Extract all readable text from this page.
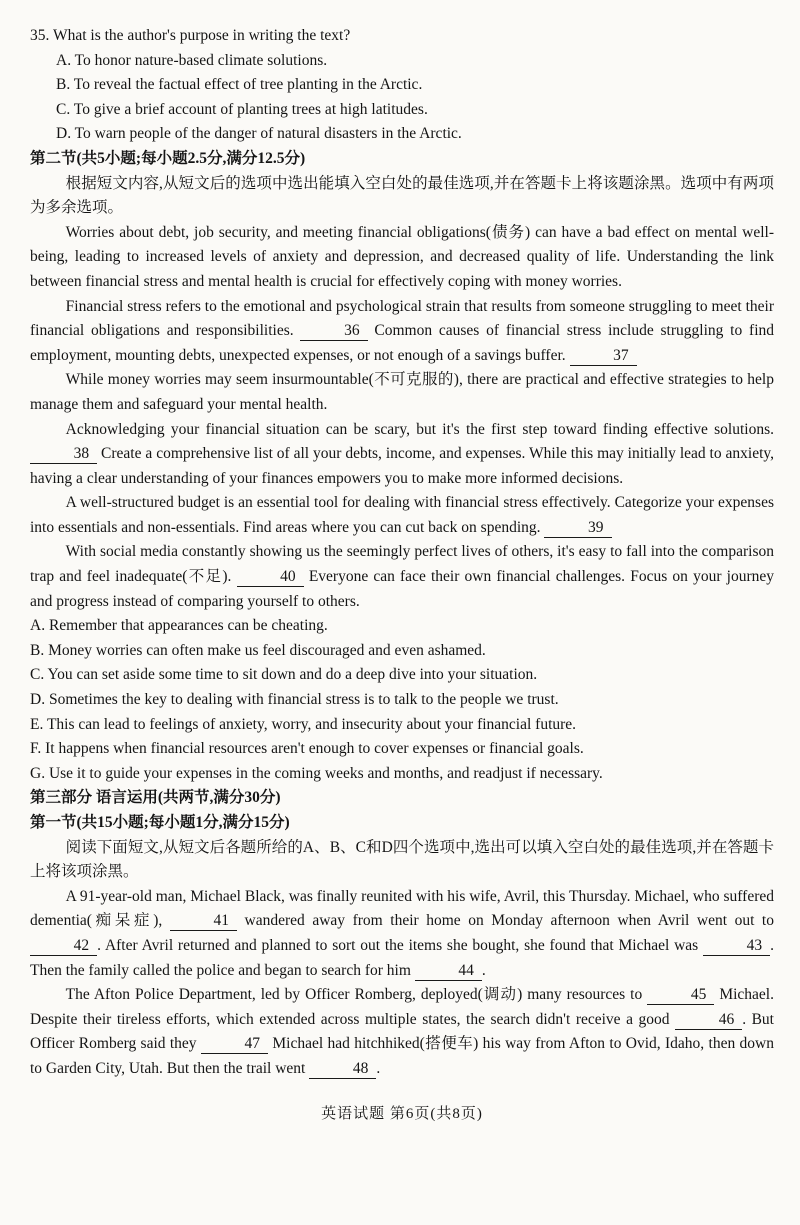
35. What is the author's purpose in writing the text?

A. To honor nature-based climate solutions.

B. To reveal the factual effect of tree planting in the Arctic.

C. To give a brief account of planting trees at high latitudes.

D. To warn people of the danger of natural disasters in the Arctic.

第二节(共5小题;每小题2.5分,满分12.5分)

根据短文内容,从短文后的选项中选出能填入空白处的最佳选项,并在答题卡上将该题涂黑。选项中有两项为多余选项。

Worries about debt, job security, and meeting financial obligations(债务) can have a bad effect on mental well-being, leading to increased levels of anxiety and depression, and decreased quality of life. Understanding the link between financial stress and mental health is crucial for effectively coping with money worries.

Financial stress refers to the emotional and psychological strain that results from someone struggling to meet their financial obligations and responsibilities.	36 Common causes of financial stress include struggling to find employment, mounting debts, unexpected expenses, or not enough of a savings buffer.	37

While money worries may seem insurmountable(不可克服的), there are practical and effective strategies to help manage them and safeguard your mental health.

Acknowledging your financial situation can be scary, but it's the first step toward finding effective solutions. 38 Create a comprehensive list of all your debts, income, and expenses. While this may initially lead to anxiety, having a clear understanding of your finances empowers you to make more informed decisions.

A well-structured budget is an essential tool for dealing with financial stress effectively. Categorize your expenses into essentials and non-essentials. Find areas where you can cut back on spending.	39

With social media constantly showing us the seemingly perfect lives of others, it's easy to fall into the comparison trap and feel inadequate(不足).	40 Everyone can face their own financial challenges. Focus on your journey and progress instead of comparing yourself to others.

A. Remember that appearances can be cheating.

B. Money worries can often make us feel discouraged and even ashamed.

C. You can set aside some time to sit down and do a deep dive into your situation.

D. Sometimes the key to dealing with financial stress is to talk to the people we trust.

E. This can lead to feelings of anxiety, worry, and insecurity about your financial future.

F. It happens when financial resources aren't enough to cover expenses or financial goals.

G. Use it to guide your expenses in the coming weeks and months, and readjust if necessary.

第三部分 语言运用(共两节,满分30分)

第一节(共15小题;每小题1分,满分15分)

阅读下面短文,从短文后各题所给的A、B、C和D四个选项中,选出可以填入空白处的最佳选项,并在答题卡上将该项涂黑。

A 91-year-old man, Michael Black, was finally reunited with his wife, Avril, this Thursday. Michael, who suffered dementia(痴呆症),	41 wandered away from their home on Monday afternoon when Avril went out to 42 . After Avril returned and planned to sort out the items she bought, she found that Michael was	43 . Then the family called the police and began to search for him	44 .

The Afton Police Department, led by Officer Romberg, deployed(调动) many resources to	45 Michael. Despite their tireless efforts, which extended across multiple states, the search didn't receive a good	46 . But Officer Romberg said they	47 Michael had hitchhiked(搭便车) his way from Afton to Ovid, Idaho, then down to Garden City, Utah. But then the trail went	48 .

英语试题 第6页(共8页)
